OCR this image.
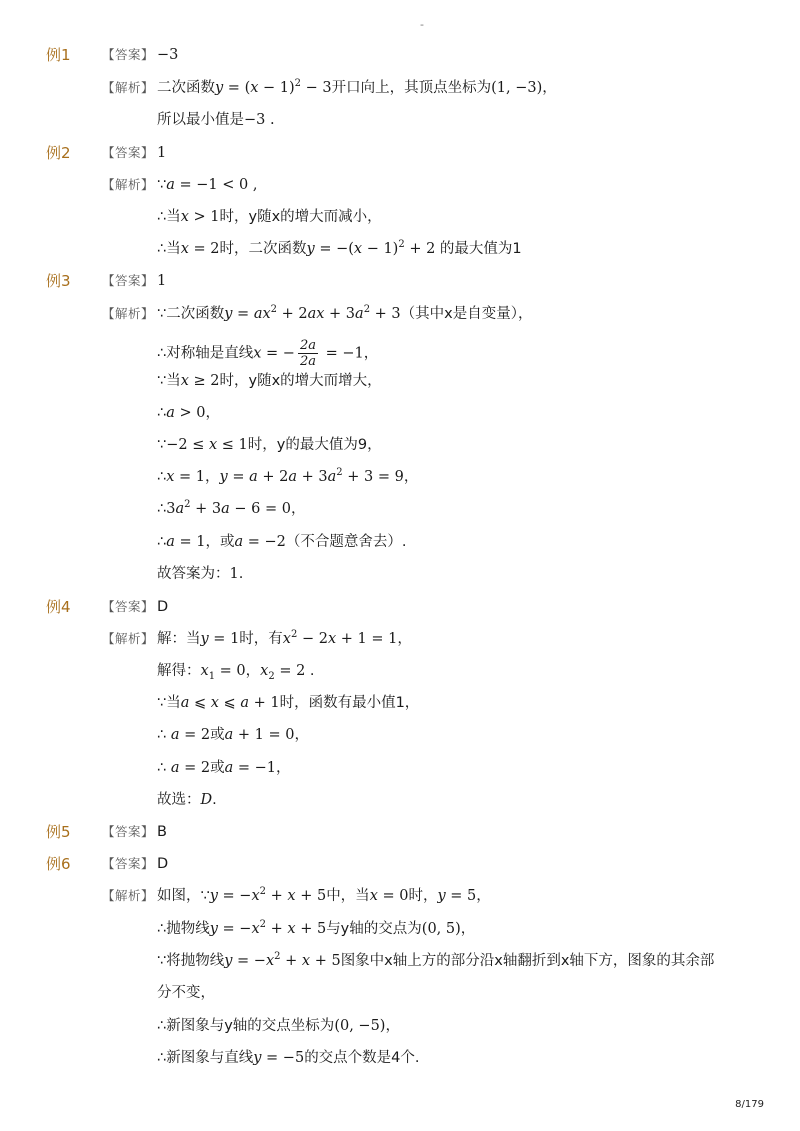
-
例1	【答案】 −3
【解析】 二次函数$y = (x - 1)^2 - 3$开口向上，其顶点坐标为(1, −3)，
所以最小值是−3 .
例2	【答案】 1
【解析】 ∵a = −1 < 0 ,
∴当x > 1时，y随x的增大而减小，
∴当x = 2时，二次函数$y = -(x - 1)^2 + 2$ 的最大值为1
例3	【答案】 1
【解析】 ∵二次函数$y = ax^2 + 2ax + 3a^2 + 3$（其中x是自变量），
∴对称轴是直线x = − $\frac{2a}{2a} = -1$，
∵当x ≥ 2时，y随x的增大而增大，
∴a > 0，
∵−2 ≤ x ≤ 1时，y的最大值为9，
∴x = 1，$y = a + 2a + 3a^2 + 3 = 9$，
$\therefore 3a^2 + 3a - 6 = 0$，
∴a = 1，或a = −2（不合题意舍去）.
故答案为：1.
例4	【答案】 D
【解析】 解：当y = 1时，有$x^2 - 2x + 1 = 1$，
解得：$x_1 = 0$，$x_2 = 2$ .
∵当a ⩽ x ⩽ a + 1时，函数有最小值1，
∴ a = 2或a + 1 = 0，
∴ a = 2或a = −1，
故选：D.
例5	【答案】 B
例6	【答案】 D
【解析】 如图，∵y = $-x^2 + x + 5$中，当x = 0时，y = 5，
∴抛物线$y = -x^2 + x + 5$与y轴的交点为(0, 5)，
∵将抛物线$y = -x^2 + x + 5$图象中x轴上方的部分沿x轴翻折到x轴下方，图象的其余部
分不变，
∴新图象与y轴的交点坐标为(0, −5)，
∴新图象与直线y = −5的交点个数是4个.
8/179
